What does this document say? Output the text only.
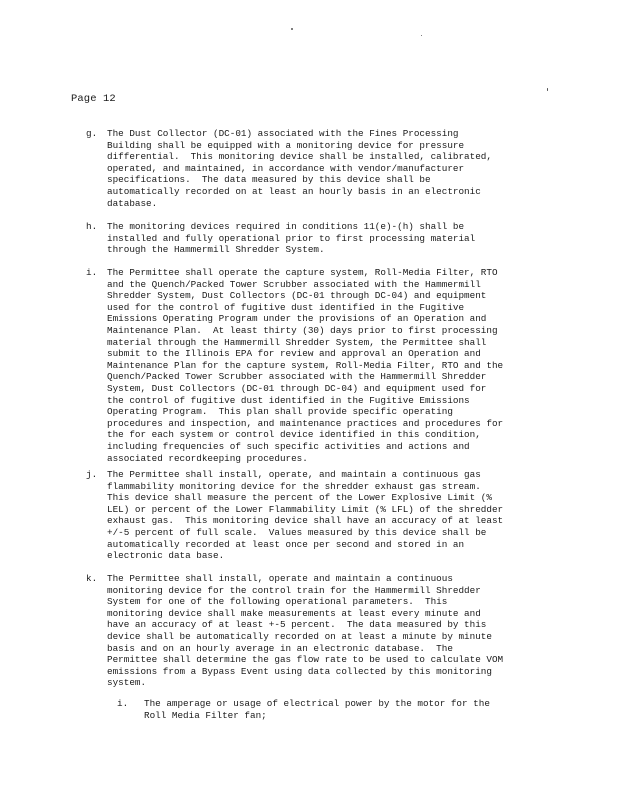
Page 12
g.	The Dust Collector (DC-01) associated with the Fines Processing
Building shall be equipped with a monitoring device for pressure
differential.  This monitoring device shall be installed, calibrated,
operated, and maintained, in accordance with vendor/manufacturer
specifications.  The data measured by this device shall be
automatically recorded on at least an hourly basis in an electronic
database.
h.	The monitoring devices required in conditions 11(e)-(h) shall be
installed and fully operational prior to first processing material
through the Hammermill Shredder System.
i.	The Permittee shall operate the capture system, Roll-Media Filter, RTO
and the Quench/Packed Tower Scrubber associated with the Hammermill
Shredder System, Dust Collectors (DC-01 through DC-04) and equipment
used for the control of fugitive dust identified in the Fugitive
Emissions Operating Program under the provisions of an Operation and
Maintenance Plan.  At least thirty (30) days prior to first processing
material through the Hammermill Shredder System, the Permittee shall
submit to the Illinois EPA for review and approval an Operation and
Maintenance Plan for the capture system, Roll-Media Filter, RTO and the
Quench/Packed Tower Scrubber associated with the Hammermill Shredder
System, Dust Collectors (DC-01 through DC-04) and equipment used for
the control of fugitive dust identified in the Fugitive Emissions
Operating Program.  This plan shall provide specific operating
procedures and inspection, and maintenance practices and procedures for
the for each system or control device identified in this condition,
including frequencies of such specific activities and actions and
associated recordkeeping procedures.
j.	The Permittee shall install, operate, and maintain a continuous gas
flammability monitoring device for the shredder exhaust gas stream.
This device shall measure the percent of the Lower Explosive Limit (%
LEL) or percent of the Lower Flammability Limit (% LFL) of the shredder
exhaust gas.  This monitoring device shall have an accuracy of at least
+/-5 percent of full scale.  Values measured by this device shall be
automatically recorded at least once per second and stored in an
electronic data base.
k.	The Permittee shall install, operate and maintain a continuous
monitoring device for the control train for the Hammermill Shredder
System for one of the following operational parameters.  This
monitoring device shall make measurements at least every minute and
have an accuracy of at least +-5 percent.  The data measured by this
device shall be automatically recorded on at least a minute by minute
basis and on an hourly average in an electronic database.  The
Permittee shall determine the gas flow rate to be used to calculate VOM
emissions from a Bypass Event using data collected by this monitoring
system.
i.	The amperage or usage of electrical power by the motor for the
Roll Media Filter fan;
